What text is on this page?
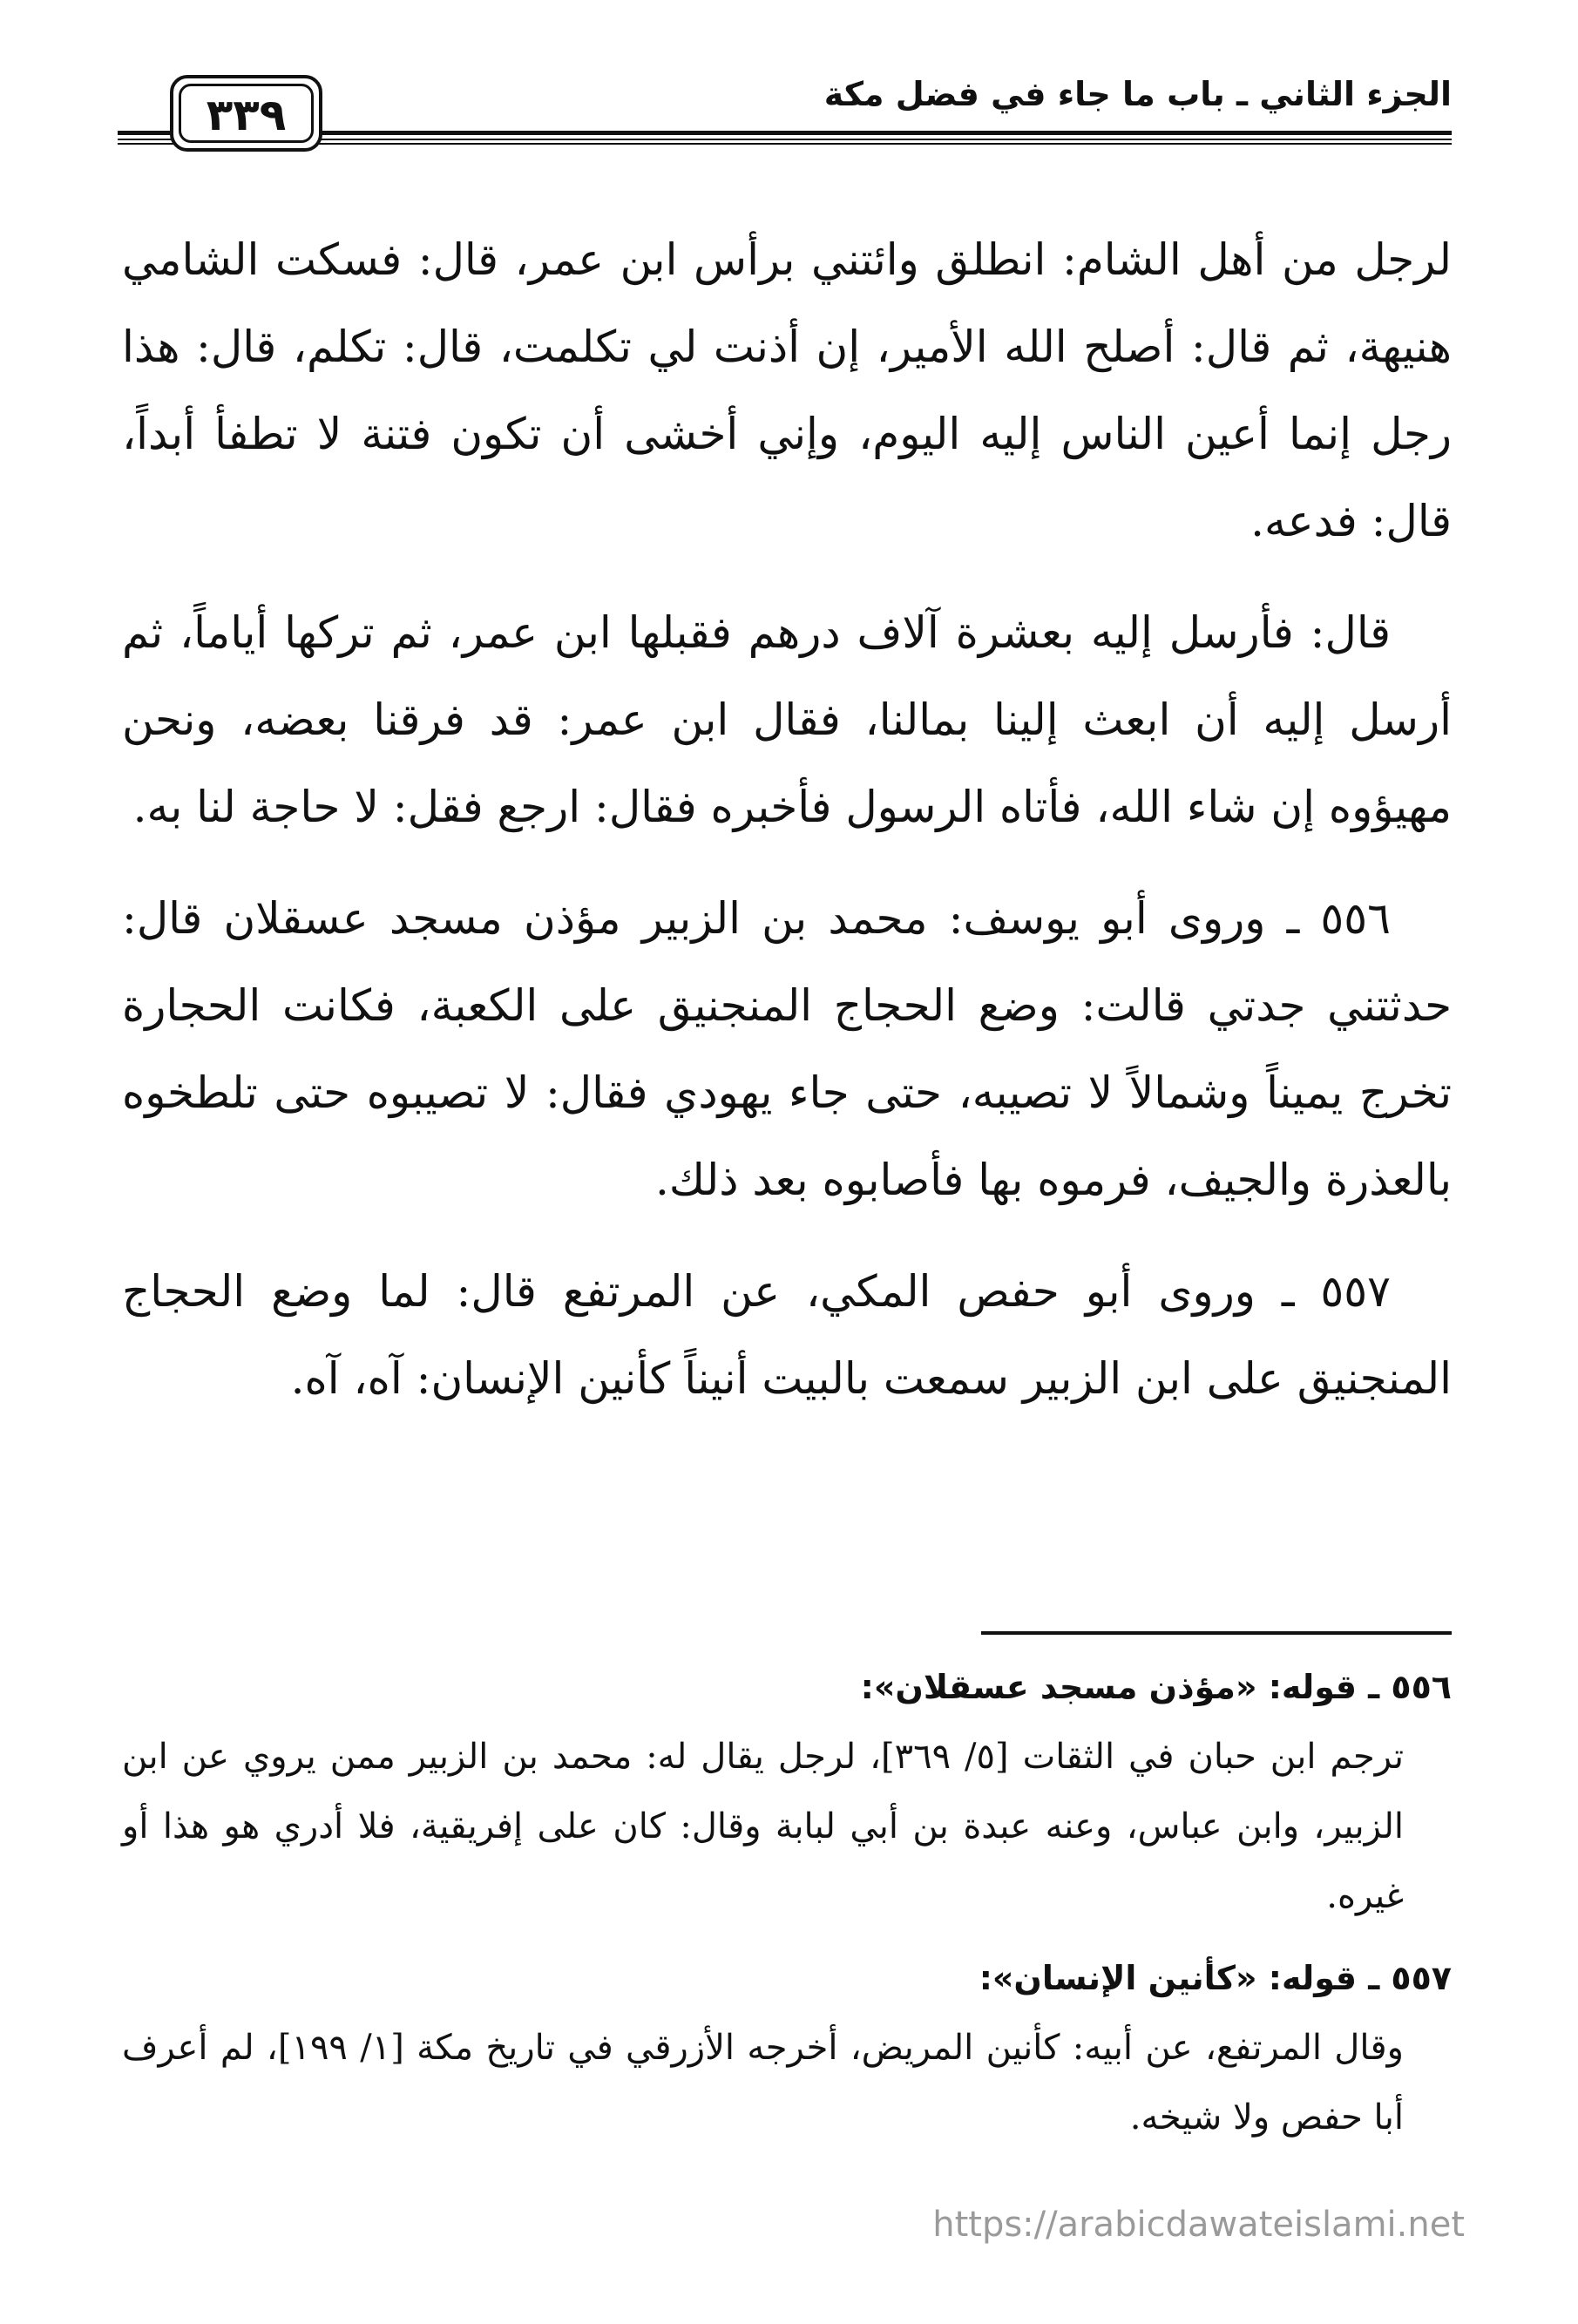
الجزء الثاني ـ باب ما جاء في فضل مكة
٣٣٩

لرجل من أهل الشام: انطلق وائتني برأس ابن عمر، قال: فسكت الشامي هنيهة، ثم قال: أصلح الله الأمير، إن أذنت لي تكلمت، قال: تكلم، قال: هذا رجل إنما أعين الناس إليه اليوم، وإني أخشى أن تكون فتنة لا تطفأ أبداً، قال: فدعه.

قال: فأرسل إليه بعشرة آلاف درهم فقبلها ابن عمر، ثم تركها أياماً، ثم أرسل إليه أن ابعث إلينا بمالنا، فقال ابن عمر: قد فرقنا بعضه، ونحن مهيؤوه إن شاء الله، فأتاه الرسول فأخبره فقال: ارجع فقل: لا حاجة لنا به.

٥٥٦ ـ وروى أبو يوسف: محمد بن الزبير مؤذن مسجد عسقلان قال: حدثتني جدتي قالت: وضع الحجاج المنجنيق على الكعبة، فكانت الحجارة تخرج يميناً وشمالاً لا تصيبه، حتى جاء يهودي فقال: لا تصيبوه حتى تلطخوه بالعذرة والجيف، فرموه بها فأصابوه بعد ذلك.

٥٥٧ ـ وروى أبو حفص المكي، عن المرتفع قال: لما وضع الحجاج المنجنيق على ابن الزبير سمعت بالبيت أنيناً كأنين الإنسان: آه، آه.

٥٥٦ ـ قوله: «مؤذن مسجد عسقلان»:

ترجم ابن حبان في الثقات [٥/ ٣٦٩]، لرجل يقال له: محمد بن الزبير ممن يروي عن ابن الزبير، وابن عباس، وعنه عبدة بن أبي لبابة وقال: كان على إفريقية، فلا أدري هو هذا أو غيره.

٥٥٧ ـ قوله: «كأنين الإنسان»:

وقال المرتفع، عن أبيه: كأنين المريض، أخرجه الأزرقي في تاريخ مكة [١/ ١٩٩]، لم أعرف أبا حفص ولا شيخه.

https://arabicdawateislami.net
